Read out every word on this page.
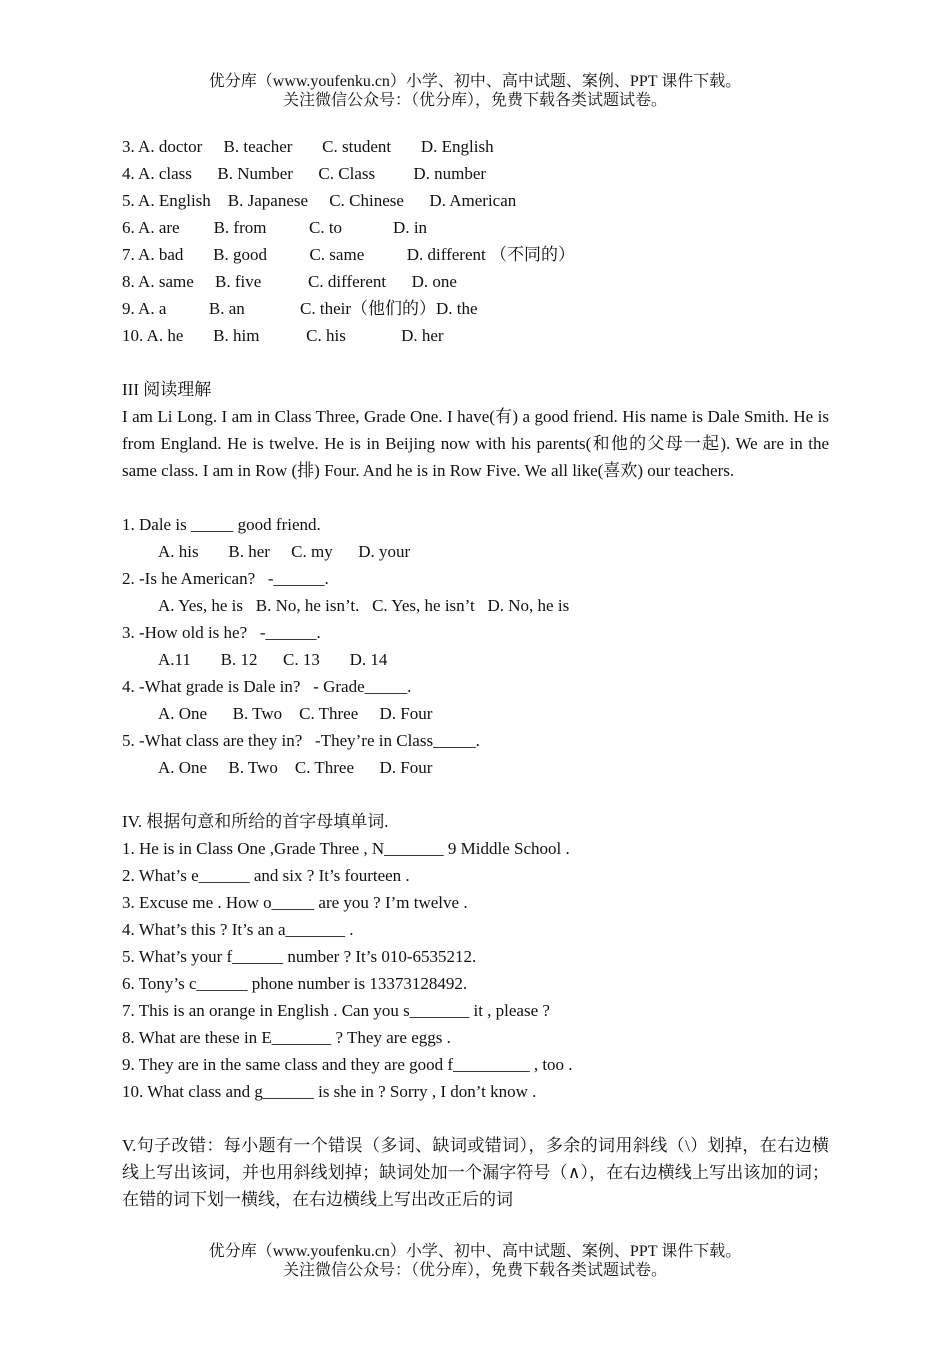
优分库（www.youfenku.cn）小学、初中、高中试题、案例、PPT 课件下载。
关注微信公众号：（优分库），免费下载各类试题试卷。
3. A. doctor     B. teacher       C. student       D. English
4. A. class      B. Number      C. Class         D. number
5. A. English    B. Japanese     C. Chinese      D. American
6. A. are        B. from          C. to            D. in
7. A. bad       B. good          C. same          D. different （不同的）
8. A. same     B. five           C. different      D. one
9. A. a          B. an             C. their（他们的）D. the
10. A. he       B. him           C. his             D. her
III 阅读理解
I am Li Long. I am in Class Three, Grade One. I have(有) a good friend. His name is Dale Smith. He is from England. He is twelve. He is in Beijing now with his parents(和他的父母一起). We are in the same class. I am in Row (排) Four. And he is in Row Five. We all like(喜欢) our teachers.
1. Dale is _____ good friend.
A. his       B. her     C. my      D. your
2. -Is he American?   -______.
A. Yes, he is   B. No, he isn’t.   C. Yes, he isn’t   D. No, he is
3. -How old is he?   -______.
A.11       B. 12      C. 13       D. 14
4. -What grade is Dale in?   - Grade_____.
A. One      B. Two    C. Three     D. Four
5. -What class are they in?   -They’re in Class_____.
A. One     B. Two    C. Three      D. Four
IV. 根据句意和所给的首字母填单词.
1. He is in Class One ,Grade Three , N_______ 9 Middle School .
2. What’s e______ and six ? It’s fourteen .
3. Excuse me . How o_____ are you ? I’m twelve .
4. What’s this ? It’s an a_______ .
5. What’s your f______ number ? It’s 010-6535212.
6. Tony’s c______ phone number is 13373128492.
7. This is an orange in English . Can you s_______ it , please ?
8. What are these in E_______ ? They are eggs .
9. They are in the same class and they are good f_________ , too .
10. What class and g______ is she in ? Sorry , I don’t know .
V.句子改错：每小题有一个错误（多词、缺词或错词），多余的词用斜线（\）划掉，在右边横线上写出该词，并也用斜线划掉；缺词处加一个漏字符号（∧），在右边横线上写出该加的词；在错的词下划一横线，在右边横线上写出改正后的词
优分库（www.youfenku.cn）小学、初中、高中试题、案例、PPT 课件下载。
关注微信公众号：（优分库），免费下载各类试题试卷。
